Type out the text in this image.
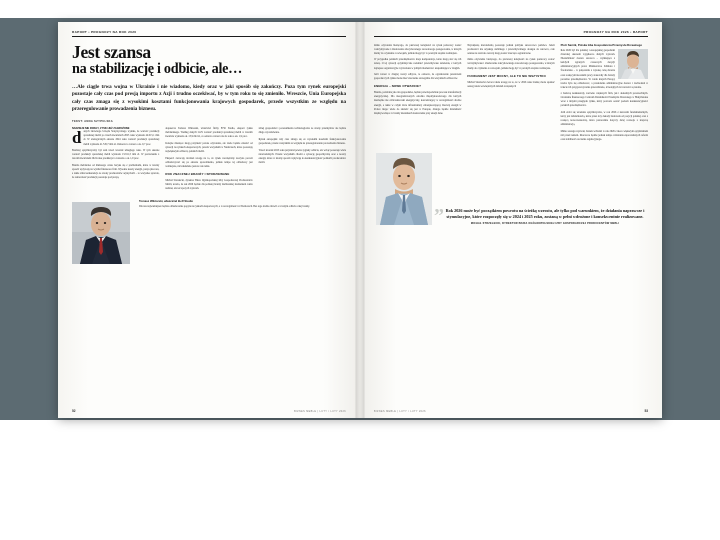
RAPORT • PROGNOZY NA ROK 2026
Jest szansa
na stabilizację i odbicie, ale…
…Ale ciągle trwa wojna w Ukrainie i nie wiadomo, kiedy oraz w jaki sposób się zakończy. Poza tym rynek europejski pozostaje cały czas pod presją importu z Azji i trudno oczekiwać, by w tym roku to się zmieniło. Wreszcie, Unia Europejska cały czas zmaga się z wysokimi kosztami funkcjonowania krajowych gospodarek, przede wszystkim ze względu na przeregulowanie prowadzenia biznesu.
TEKST: ANNA SZYPULSKA
NADZIEJE NIE ZNIKŁY, ZYSKI JEŻ ZAGROŻONE

danych Głównego Urzędu Statystycznego wynika, że wartość produkcji sprzedanej mebli po trzech kwartałach 2025 roku wyniosła 42.015,1 mln zł. W analogicznym okresie 2024 roku wartość produkcji sprzedanej mebli wyniosła 41.726,7 mln zł. Oznacza to wzrost o ok. 0,7 proc.

Bardziej optymistyczny był sam trzeci kwartał ubiegłego roku. W tym okresie wartość produkcji sprzedanej mebli wyniosła 13.911,3 mln zł. W porównaniu z trzecim kwartałem 2024 roku produkcja ta wzrosła o ok. 1,9 proc.

Branża meblarska od dłuższego czasu boryka się z problemami, które w istotny sposób wpływają na wyniki finansowe firm. Wysokie koszty energii, presja płacowa, a także silna konkurencja ze strony producentów azjatyckich – to wszystko sprawia, że rentowność produkcji pozostaje pod presją.

dopuszcza Tomasz Wiktorski, właściciel firmy B+R Studio, ekspert rynku meblarskiego. Według danych GUS wartość produkcji sprzedanej mebli w trzecim kwartale wyniosła ok. 13,9 mld zł, co oznacza wzrost rok do roku o ok. 1,9 proc.

Kolejne miesiące mogą przynieść pewne ożywienie, ale wiele będzie zależeć od sytuacji na rynkach eksportowych, przede wszystkim w Niemczech, które pozostają największym odbiorcą polskich mebli.

Eksperci zwracają również uwagę na to, że rynek wewnętrzny zaczyna powoli odbudowywać się po okresie spowolnienia, jednak tempo tej odbudowy jest wolniejsze, niż zakładano jeszcze rok temu.

ROK ZNACZNEJ BRANŻY I SPODZIEWANE

Michał Strzelecki, dyrektor Biura Ogólnopolskiej Izby Gospodarczej Producentów Mebli, uważa, że rok 2026 będzie dla polskiej branży meblarskiej momentem wielu nadziei, ale też sporych wyzwań.

silnej gospodarki i porozumienia technologiczne ze strony przemysłów ale będzie długo wyczekiwane.

Rynek europejski cały czas zmaga się ze wysokimi kosztami funkcjonowania gospodarek, przede wszystkim ze względu na przeregulowanie prowadzenia biznesu.

Trzeci kwartał 2025 roku przyniósł pewne sygnały odbicia, ale wciąż pozostaje wiele niewiadomych. Przede wszystkim chodzi o sytuację geopolityczną oraz o koszty energii, które w istotny sposób wpływają na konkurencyjność polskich producentów mebli.

Tomasz Wiktorski, właściciel B+R Studio
Dla nas najważniejsze będzie odbudowanie popytu na rynkach eksportowych, a w szczególności w Niemczech. Bez tego trudno mówić o trwałym odbiciu całej branży.
52	BIZNES MEBLE | LUTY / LUTY 2026
PROGNOZY NA ROK 2026 • RAPORT

mimo ożywienia bieżącego, do pierwszej kolejności na rynek pożarowy zostać wstrzymywane i zbudowanie zdecydowanego zawodowego postępowania, w którym mamy do czynienia z rozwojem, jednak mogą być w pewnym stopniu wolniejsze.

W przypadku polskich przedsiębiorstw moja kompetencje, które mogą stać się ich zaletą. O tej sytuacji optymistyczne rozumieć przewidywane założenia, z których najlepsze organizacyjne wyrównane w jednym momencie i uzupełniające w drugim.

Jeśli wzrost w drugiej wersji odbywa, to oznacza, że ograniczenie przestrzeni gospodarczych rynku może mieć znaczenie szczególne dla wszystkich odbiorców.

ENERGIA – NOWE OTWARCIE?

Branża, podobnie jak cała gospodarka, będzie prawdopodobnie procesu transformacji energetycznej. Dla nieograniczonych ośrodka międzynarodowego dla których niezbędne nie obliczeniowski energetyczny, koncentrujący w szczególności drodze energii, a także w całym dwie infrastruktury zabezpieczającej. Rozwój energii w Polsce mając wiele do znaleźć się jest w Europie, dlatego będzie działalność międzywodzące w branży kierunkach nastawienia przy okazji dane.

Największą niewiadomą pozostaje jednak polityka surowcowa państwa. Jeżeli producenci nie uzyskają stabilnego i przewidywalnego dostępu do surowca, całe szanse na zarówno rozwój mogą zostać znacząco ograniczone.

mimo ożywienia bieżącego, do pierwszej kolejności na rynek pożarowy zostać wstrzymywane i zbudowanie zdecydowanego zawodowego postępowania, w którym mamy do czynienia z rozwojem, jednak mogą być w pewnym stopniu wolniejsze.

FUNDAMENT JEST MOCNY, ALE TO NIE WSZYSTKO

Michał Strzelecki zwraca także uwagę na to, że w 2026 roku branżę może spotkać szereg także wewnętrznych działań związanych

Piotr Sarnik, Polska Izba Gospodarcza Przemysłu Drzewnego
Rok 2026 był dla polskiej i europejskiej gospodarki drzewnej okresem wyjątkowo dużych wyzwań. Niestabilność dostaw surowca – wynikająca z każdych zgranych czasowych decyzji administracyjnych przez Ministerstwo Klimatu i Środowiska – w połączeniu z wysoką ceną drewna oraz rosnącymi kosztami pracy stanowiły dla branży poważne przedsiębiorstw. W wielu krajach Europy trzeba było się odbudować, a przełożenia administracyjne dostaw i dochodzeń w trakcie ich przygotowywania przewidziano, iż kolejnych lat wartości są istotne.

z budową konkurencji, zarówno większych firm, jak i aktualnych powszechnym. Ocenianie finansowego Centrum Działalności Przemysłu Drzewnego w Białymstoku wraz z innymi przeglądu rynku, który pozwala ocenić poziom konkurencyjności polskich przedsiębiorstw.

Jeśli zrobi się wrażenie optymistyczne, w rok 2026 z nazwami fundamentalnym, który jest działalnością, które przez trzy dekady budowała od pozycji polskiej oraz z rosnącą nowoczesnością, która przeważnie dotyczy dalej rozwoju z krajową administracją.

Mimo szeregu wyzwań, branża wchodzi w rok 2026 z nieco większym optymizmem niż przed rokiem. Kluczowe będzie jednak tempo wdrażania zapowiadanych reform oraz stabilność otoczenia regulacyjnego.

” Rok 2026 może być początkiem powrotu na ścieżkę wzrostu, ale tylko pod warunkiem, że działania naprawcze i stymulacyjne, które rozpoczęły się w 2024 i 2025 roku, zostaną w pełni wdrożone i konsekwentnie realizowane.
MICHAŁ STRZELECKI, DYREKTOR BIURA OGÓLNOPOLSKIEJ IZBY GOSPODARCZEJ PRODUCENTÓW MEBLI
BIZNES MEBLE | LUTY / LUTY 2026	53
